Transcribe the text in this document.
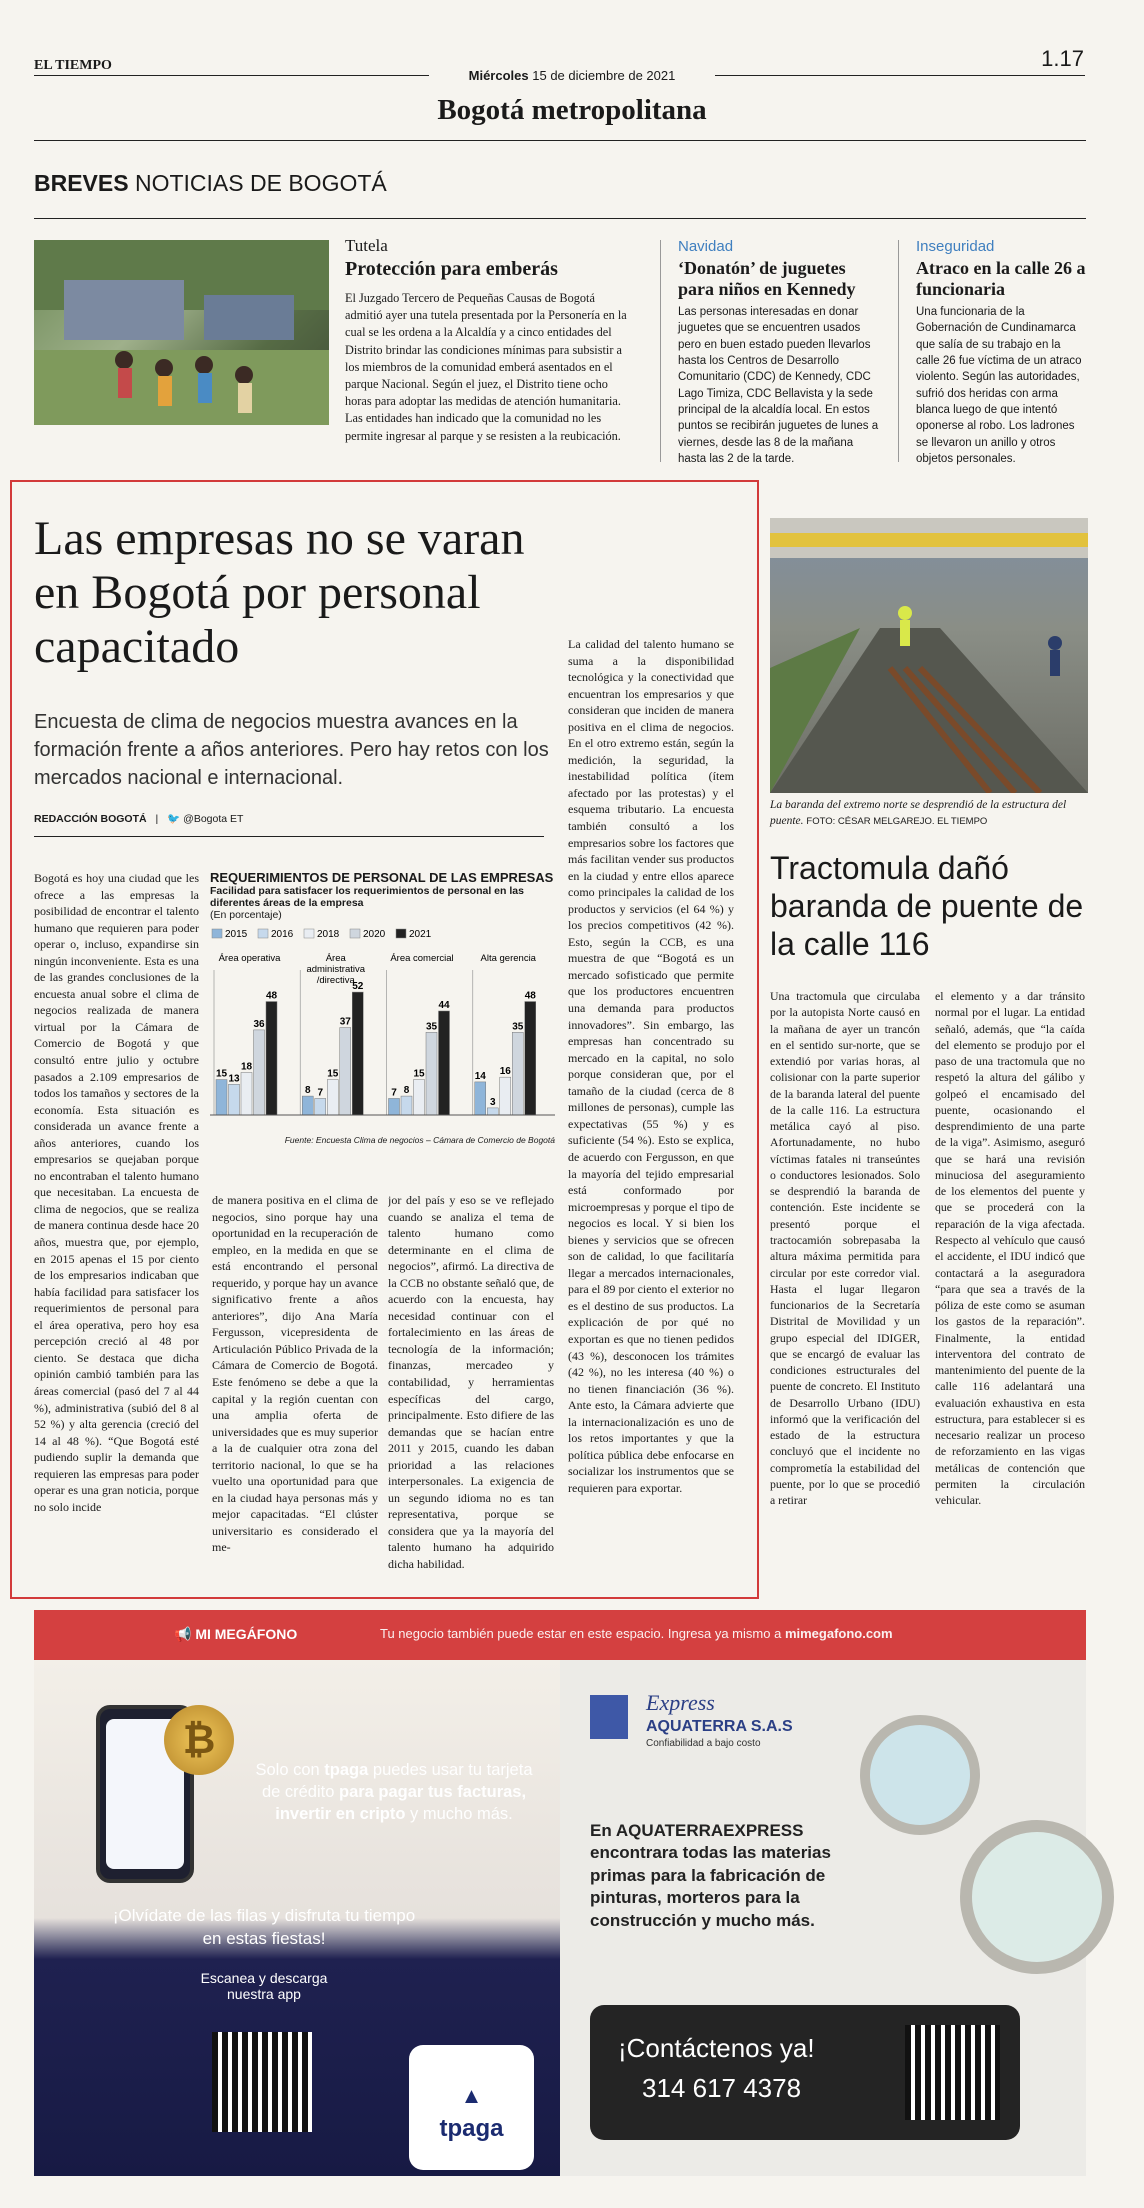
EL TIEMPO
Miércoles 15 de diciembre de 2021
1.17
Bogotá metropolitana
BREVES NOTICIAS DE BOGOTÁ
Tutela
Protección para emberás
El Juzgado Tercero de Pequeñas Causas de Bogotá admitió ayer una tutela presentada por la Personería en la cual se les ordena a la Alcaldía y a cinco entidades del Distrito brindar las condiciones mínimas para subsistir a los miembros de la comunidad emberá asentados en el parque Nacional. Según el juez, el Distrito tiene ocho horas para adoptar las medidas de atención humanitaria. Las entidades han indicado que la comunidad no les permite ingresar al parque y se resisten a la reubicación.
Navidad
‘Donatón’ de juguetes para niños en Kennedy
Las personas interesadas en donar juguetes que se encuentren usados pero en buen estado pueden llevarlos hasta los Centros de Desarrollo Comunitario (CDC) de Kennedy, CDC Lago Timiza, CDC Bellavista y la sede principal de la alcaldía local. En estos puntos se recibirán juguetes de lunes a viernes, desde las 8 de la mañana hasta las 2 de la tarde.
Inseguridad
Atraco en la calle 26 a funcionaria
Una funcionaria de la Gobernación de Cundinamarca que salía de su trabajo en la calle 26 fue víctima de un atraco violento. Según las autoridades, sufrió dos heridas con arma blanca luego de que intentó oponerse al robo. Los ladrones se llevaron un anillo y otros objetos personales.
Las empresas no se varan en Bogotá por personal capacitado
Encuesta de clima de negocios muestra avances en la formación frente a años anteriores. Pero hay retos con los mercados nacional e internacional.
REDACCIÓN BOGOTÁ | 🐦 @Bogota ET
REQUERIMIENTOS DE PERSONAL DE LAS EMPRESAS
Facilidad para satisfacer los requerimientos de personal en las diferentes áreas de la empresa
(En porcentaje)
2015 2016 2018 2020 2021
Área operativa
15 13
18
36
48
Área
administrativa
/directiva
8 7
15
37
52
Área comercial
7 8
15
35
44
Alta gerencia
14
3
16
35
48
Fuente: Encuesta Clima de negocios – Cámara de Comercio de Bogotá
Bogotá es hoy una ciudad que les ofrece a las empresas la posibilidad de encontrar el talento humano que requieren para poder operar o, incluso, expandirse sin ningún inconveniente. Esta es una de las grandes conclusiones de la encuesta anual sobre el clima de negocios realizada de manera virtual por la Cámara de Comercio de Bogotá y que consultó entre julio y octubre pasados a 2.109 empresarios de todos los tamaños y sectores de la economía. Esta situación es considerada un avance frente a años anteriores, cuando los empresarios se quejaban porque no encontraban el talento humano que necesitaban. La encuesta de clima de negocios, que se realiza de manera continua desde hace 20 años, muestra que, por ejemplo, en 2015 apenas el 15 por ciento de los empresarios indicaban que había facilidad para satisfacer los requerimientos de personal para el área operativa, pero hoy esa percepción creció al 48 por ciento. Se destaca que dicha opinión cambió también para las áreas comercial (pasó del 7 al 44 %), administrativa (subió del 8 al 52 %) y alta gerencia (creció del 14 al 48 %). “Que Bogotá esté pudiendo suplir la demanda que requieren las empresas para poder operar es una gran noticia, porque no solo incide
de manera positiva en el clima de negocios, sino porque hay una oportunidad en la recuperación de empleo, en la medida en que se está encontrando el personal requerido, y porque hay un avance significativo frente a años anteriores”, dijo Ana María Fergusson, vicepresidenta de Articulación Público Privada de la Cámara de Comercio de Bogotá. Este fenómeno se debe a que la capital y la región cuentan con una amplia oferta de universidades que es muy superior a la de cualquier otra zona del territorio nacional, lo que se ha vuelto una oportunidad para que en la ciudad haya personas más y mejor capacitadas. “El clúster universitario es considerado el me-
jor del país y eso se ve reflejado cuando se analiza el tema de talento humano como determinante en el clima de negocios”, afirmó. La directiva de la CCB no obstante señaló que, de acuerdo con la encuesta, hay necesidad continuar con el fortalecimiento en las áreas de tecnología de la información; finanzas, mercadeo y contabilidad, y herramientas específicas del cargo, principalmente. Esto difiere de las demandas que se hacían entre 2011 y 2015, cuando les daban prioridad a las relaciones interpersonales. La exigencia de un segundo idioma no es tan representativa, porque se considera que ya la mayoría del talento humano ha adquirido dicha habilidad.
La calidad del talento humano se suma a la disponibilidad tecnológica y la conectividad que encuentran los empresarios y que consideran que inciden de manera positiva en el clima de negocios. En el otro extremo están, según la medición, la seguridad, la inestabilidad política (ítem afectado por las protestas) y el esquema tributario. La encuesta también consultó a los empresarios sobre los factores que más facilitan vender sus productos en la ciudad y entre ellos aparece como principales la calidad de los productos y servicios (el 64 %) y los precios competitivos (42 %). Esto, según la CCB, es una muestra de que “Bogotá es un mercado sofisticado que permite que los productores encuentren una demanda para productos innovadores”. Sin embargo, las empresas han concentrado su mercado en la capital, no solo porque consideran que, por el tamaño de la ciudad (cerca de 8 millones de personas), cumple las expectativas (55 %) y es suficiente (54 %). Esto se explica, de acuerdo con Fergusson, en que la mayoría del tejido empresarial está conformado por microempresas y porque el tipo de negocios es local. Y si bien los bienes y servicios que se ofrecen son de calidad, lo que facilitaría llegar a mercados internacionales, para el 89 por ciento el exterior no es el destino de sus productos. La explicación de por qué no exportan es que no tienen pedidos (43 %), desconocen los trámites (42 %), no les interesa (40 %) o no tienen financiación (36 %). Ante esto, la Cámara advierte que la internacionalización es uno de los retos importantes y que la política pública debe enfocarse en socializar los instrumentos que se requieren para exportar.
La baranda del extremo norte se desprendió de la estructura del puente. FOTO: CÉSAR MELGAREJO. EL TIEMPO
Tractomula dañó baranda de puente de la calle 116
Una tractomula que circulaba por la autopista Norte causó en la mañana de ayer un trancón en el sentido sur-norte, que se extendió por varias horas, al colisionar con la parte superior de la baranda lateral del puente de la calle 116. La estructura metálica cayó al piso. Afortunadamente, no hubo víctimas fatales ni transeúntes o conductores lesionados. Solo se desprendió la baranda de contención. Este incidente se presentó porque el tractocamión sobrepasaba la altura máxima permitida para circular por este corredor vial. Hasta el lugar llegaron funcionarios de la Secretaría Distrital de Movilidad y un grupo especial del IDIGER, que se encargó de evaluar las condiciones estructurales del puente de concreto. El Instituto de Desarrollo Urbano (IDU) informó que la verificación del estado de la estructura concluyó que el incidente no comprometía la estabilidad del puente, por lo que se procedió a retirar
el elemento y a dar tránsito normal por el lugar. La entidad señaló, además, que “la caída del elemento se produjo por el paso de una tractomula que no respetó la altura del gálibo y golpeó el encamisado del puente, ocasionando el desprendimiento de una parte de la viga”. Asimismo, aseguró que se hará una revisión minuciosa del aseguramiento de los elementos del puente y que se procederá con la reparación de la viga afectada. Respecto al vehículo que causó el accidente, el IDU indicó que contactará a la aseguradora “para que sea a través de la póliza de este como se asuman los gastos de la reparación”. Finalmente, la entidad interventora del contrato de mantenimiento del puente de la calle 116 adelantará una evaluación exhaustiva en esta estructura, para establecer si es necesario realizar un proceso de reforzamiento en las vigas metálicas de contención que permiten la circulación vehicular.
📢 MI MEGÁFONO	Tu negocio también puede estar en este espacio. Ingresa ya mismo a mimegafono.com
₿
Solo con tpaga puedes usar tu tarjeta de crédito para pagar tus facturas, invertir en cripto y mucho más.
¡Olvídate de las filas y disfruta tu tiempo en estas fiestas!
Escanea y descarga nuestra app
▲
tpaga
Express
AQUATERRA S.A.S
Confiabilidad a bajo costo
En AQUATERRAEXPRESS encontrara todas las materias primas para la fabricación de pinturas, morteros para la construcción y mucho más.
¡Contáctenos ya!
314 617 4378
